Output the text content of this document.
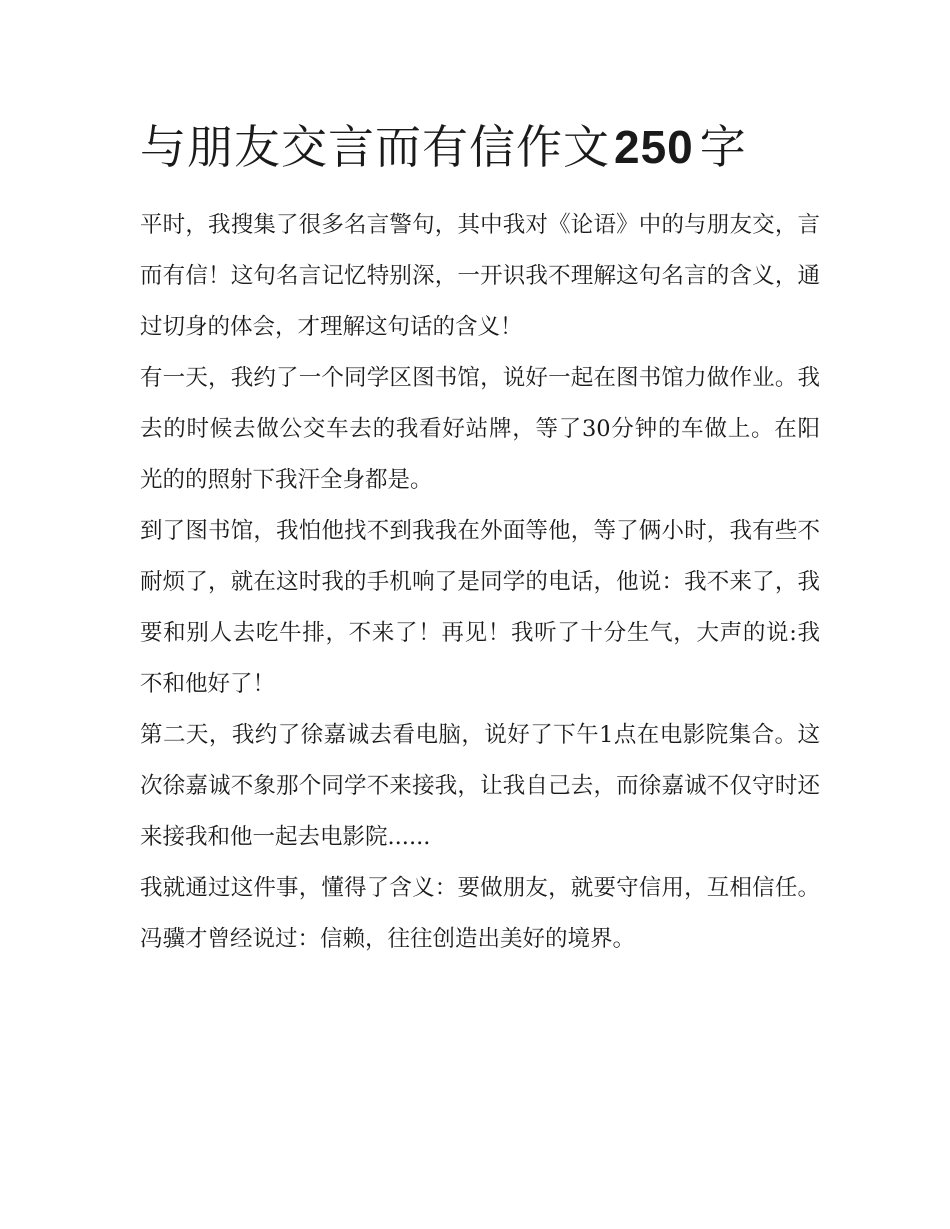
与朋友交言而有信作文250 字

平时，我搜集了很多名言警句，其中我对《论语》中的与朋友交，言而有信！这句名言记忆特别深，一开识我不理解这句名言的含义，通过切身的体会，才理解这句话的含义！

有一天，我约了一个同学区图书馆，说好一起在图书馆力做作业。我去的时候去做公交车去的我看好站牌，等了30分钟的车做上。在阳光的的照射下我汗全身都是。

到了图书馆，我怕他找不到我我在外面等他，等了俩小时，我有些不耐烦了，就在这时我的手机响了是同学的电话，他说：我不来了，我要和别人去吃牛排，不来了！再见！我听了十分生气，大声的说:我不和他好了！

第二天，我约了徐嘉诚去看电脑，说好了下午1点在电影院集合。这次徐嘉诚不象那个同学不来接我，让我自己去，而徐嘉诚不仅守时还来接我和他一起去电影院......

我就通过这件事，懂得了含义：要做朋友，就要守信用，互相信任。冯骥才曾经说过：信赖，往往创造出美好的境界。
